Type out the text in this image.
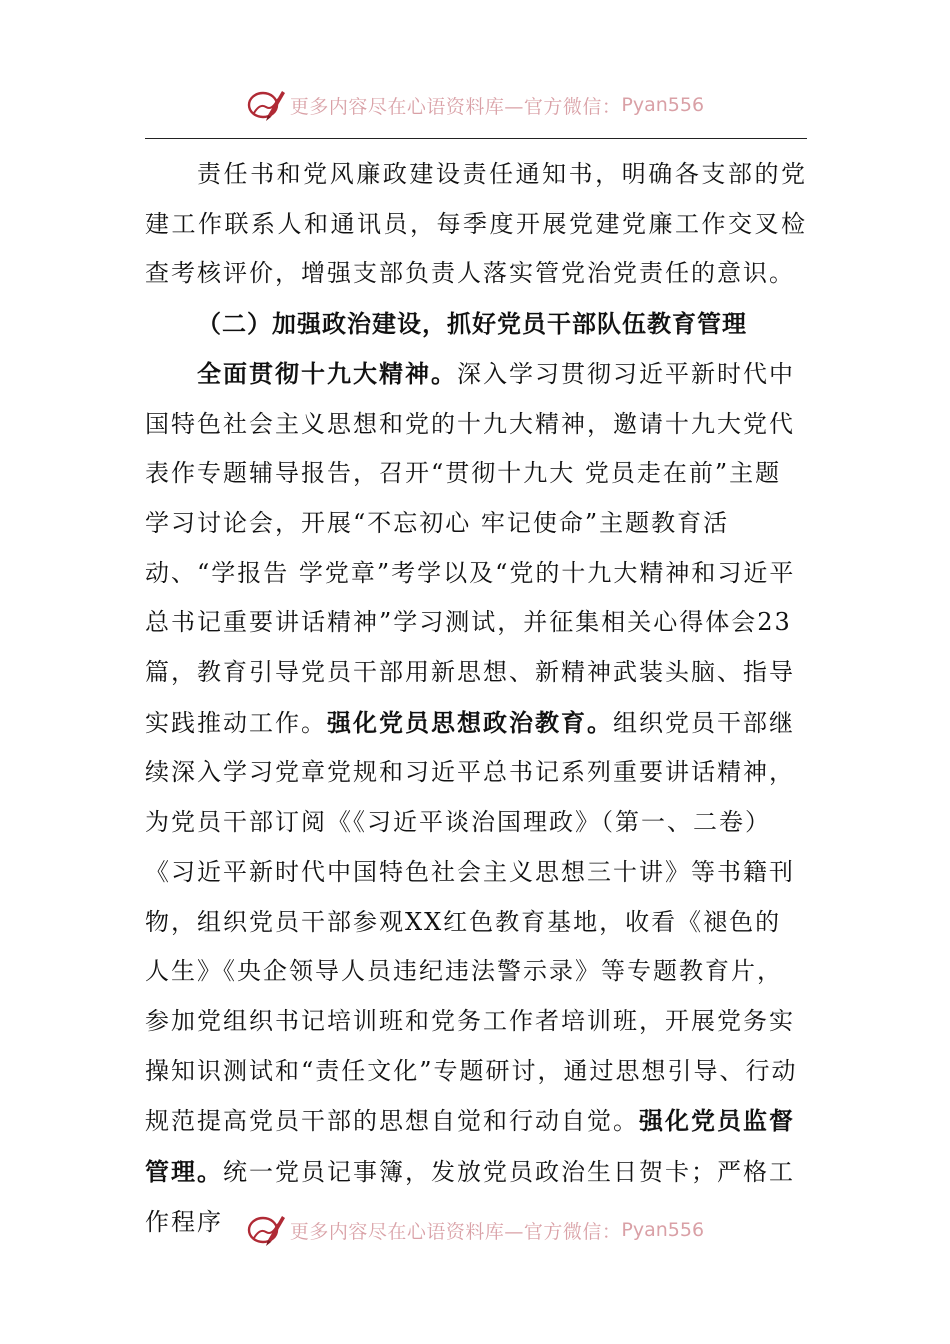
更多内容尽在心语资料库—官方微信： Pyan556

责任书和党风廉政建设责任通知书，明确各支部的党建工作联系人和通讯员，每季度开展党建党廉工作交叉检查考核评价，增强支部负责人落实管党治党责任的意识。

（二）加强政治建设，抓好党员干部队伍教育管理

全面贯彻十九大精神。深入学习贯彻习近平新时代中国特色社会主义思想和党的十九大精神，邀请十九大党代表作专题辅导报告，召开“贯彻十九大 党员走在前”主题学习讨论会，开展“不忘初心 牢记使命”主题教育活动、“学报告 学党章”考学以及“党的十九大精神和习近平总书记重要讲话精神”学习测试，并征集相关心得体会23篇，教育引导党员干部用新思想、新精神武装头脑、指导实践推动工作。强化党员思想政治教育。组织党员干部继续深入学习党章党规和习近平总书记系列重要讲话精神，为党员干部订阅《《习近平谈治国理政》（第一、二卷）《习近平新时代中国特色社会主义思想三十讲》等书籍刊物，组织党员干部参观XX红色教育基地，收看《褪色的人生》《央企领导人员违纪违法警示录》等专题教育片，参加党组织书记培训班和党务工作者培训班，开展党务实操知识测试和“责任文化”专题研讨，通过思想引导、行动规范提高党员干部的思想自觉和行动自觉。强化党员监督管理。统一党员记事簿，发放党员政治生日贺卡；严格工作程序	更多内容尽在心语资料库—官方微信： Pyan556
